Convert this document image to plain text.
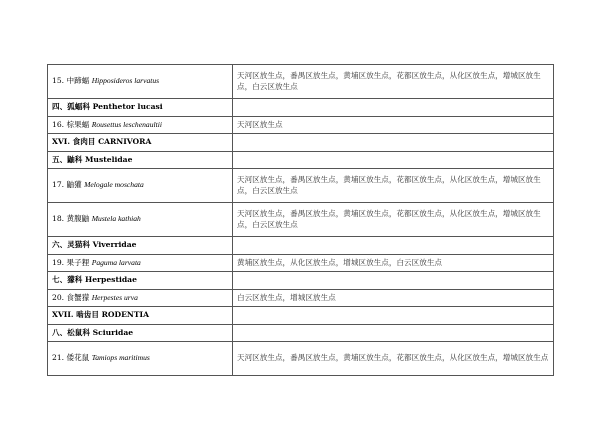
15. 中蹄蝠 Hipposideros larvatus	天河区放生点，番禺区放生点，黄埔区放生点，花都区放生点，从化区放生点，增城区放生点，白云区放生点
四、狐蝠科 Penthetor lucasi	
16. 棕果蝠 Rousettus leschenaultii	天河区放生点
XVI. 食肉目 CARNIVORA	
五、鼬科 Mustelidae	
17. 鼬獾 Melogale moschata	天河区放生点，番禺区放生点，黄埔区放生点，花都区放生点，从化区放生点，增城区放生点，白云区放生点
18. 黄腹鼬 Mustela kathiah	天河区放生点，番禺区放生点，黄埔区放生点，花都区放生点，从化区放生点，增城区放生点，白云区放生点
六、灵猫科 Viverridae	
19. 果子狸 Paguma larvata	黄埔区放生点，从化区放生点，增城区放生点，白云区放生点
七、獴科 Herpestidae	
20. 食蟹獴 Herpestes urva	白云区放生点，增城区放生点
XVII. 啮齿目 RODENTIA	
八、松鼠科 Sciuridae	
21. 倭花鼠 Tamiops maritimus	天河区放生点，番禺区放生点，黄埔区放生点，花都区放生点，从化区放生点，增城区放生点
